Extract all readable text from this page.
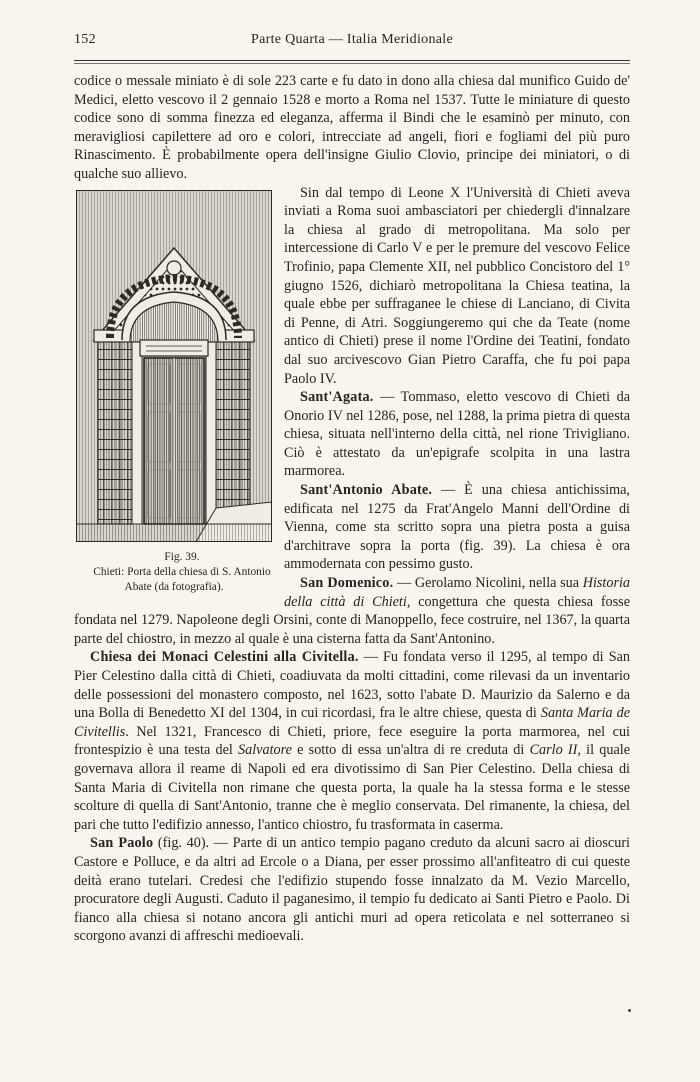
152	Parte Quarta — Italia Meridionale

codice o messale miniato è di sole 223 carte e fu dato in dono alla chiesa dal munifico Guido de' Medici, eletto vescovo il 2 gennaio 1528 e morto a Roma nel 1537. Tutte le miniature di questo codice sono di somma finezza ed eleganza, afferma il Bindi che le esaminò per minuto, con meravigliosi capilettere ad oro e colori, intrecciate ad angeli, fiori e fogliami del più puro Rinascimento. È probabilmente opera dell'insigne Giulio Clovio, principe dei miniatori, o di qualche suo allievo.

Fig. 39.
Chieti: Porta della chiesa di S. Antonio Abate (da fotografia).
Sin dal tempo di Leone X l'Università di Chieti aveva inviati a Roma suoi ambasciatori per chiedergli d'innalzare la chiesa al grado di metropolitana. Ma solo per intercessione di Carlo V e per le premure del vescovo Felice Trofinio, papa Clemente XII, nel pubblico Concistoro del 1° giugno 1526, dichiarò metropolitana la Chiesa teatina, la quale ebbe per suffraganee le chiese di Lanciano, di Civita di Penne, di Atri. Soggiungeremo qui che da Teate (nome antico di Chieti) prese il nome l'Ordine dei Teatini, fondato dal suo arcivescovo Gian Pietro Caraffa, che fu poi papa Paolo IV.

Sant'Agata. — Tommaso, eletto vescovo di Chieti da Onorio IV nel 1286, pose, nel 1288, la prima pietra di questa chiesa, situata nell'interno della città, nel rione Trivigliano. Ciò è attestato da un'epigrafe scolpita in una lastra marmorea.

Sant'Antonio Abate. — È una chiesa antichissima, edificata nel 1275 da Frat'Angelo Manni dell'Ordine di Vienna, come sta scritto sopra una pietra posta a guisa d'architrave sopra la porta (fig. 39). La chiesa è ora ammodernata con pessimo gusto.

San Domenico. — Gerolamo Nicolini, nella sua Historia della città di Chieti, congettura che questa chiesa fosse fondata nel 1279. Napoleone degli Orsini, conte di Manoppello, fece costruire, nel 1367, la quarta parte del chiostro, in mezzo al quale è una cisterna fatta da Sant'Antonino.

Chiesa dei Monaci Celestini alla Civitella. — Fu fondata verso il 1295, al tempo di San Pier Celestino dalla città di Chieti, coadiuvata da molti cittadini, come rilevasi da un inventario delle possessioni del monastero composto, nel 1623, sotto l'abate D. Maurizio da Salerno e da una Bolla di Benedetto XI del 1304, in cui ricordasi, fra le altre chiese, questa di Santa Maria de Civitellis. Nel 1321, Francesco di Chieti, priore, fece eseguire la porta marmorea, nel cui frontespizio è una testa del Salvatore e sotto di essa un'altra di re creduta di Carlo II, il quale governava allora il reame di Napoli ed era divotissimo di San Pier Celestino. Della chiesa di Santa Maria di Civitella non rimane che questa porta, la quale ha la stessa forma e le stesse scolture di quella di Sant'Antonio, tranne che è meglio conservata. Del rimanente, la chiesa, del pari che tutto l'edifizio annesso, l'antico chiostro, fu trasformata in caserma.

San Paolo (fig. 40). — Parte di un antico tempio pagano creduto da alcuni sacro ai dioscuri Castore e Polluce, e da altri ad Ercole o a Diana, per esser prossimo all'anfiteatro di cui queste deità erano tutelari. Credesi che l'edifizio stupendo fosse innalzato da M. Vezio Marcello, procuratore degli Augusti. Caduto il paganesimo, il tempio fu dedicato ai Santi Pietro e Paolo. Di fianco alla chiesa si notano ancora gli antichi muri ad opera reticolata e nel sotterraneo si scorgono avanzi di affreschi medioevali.
